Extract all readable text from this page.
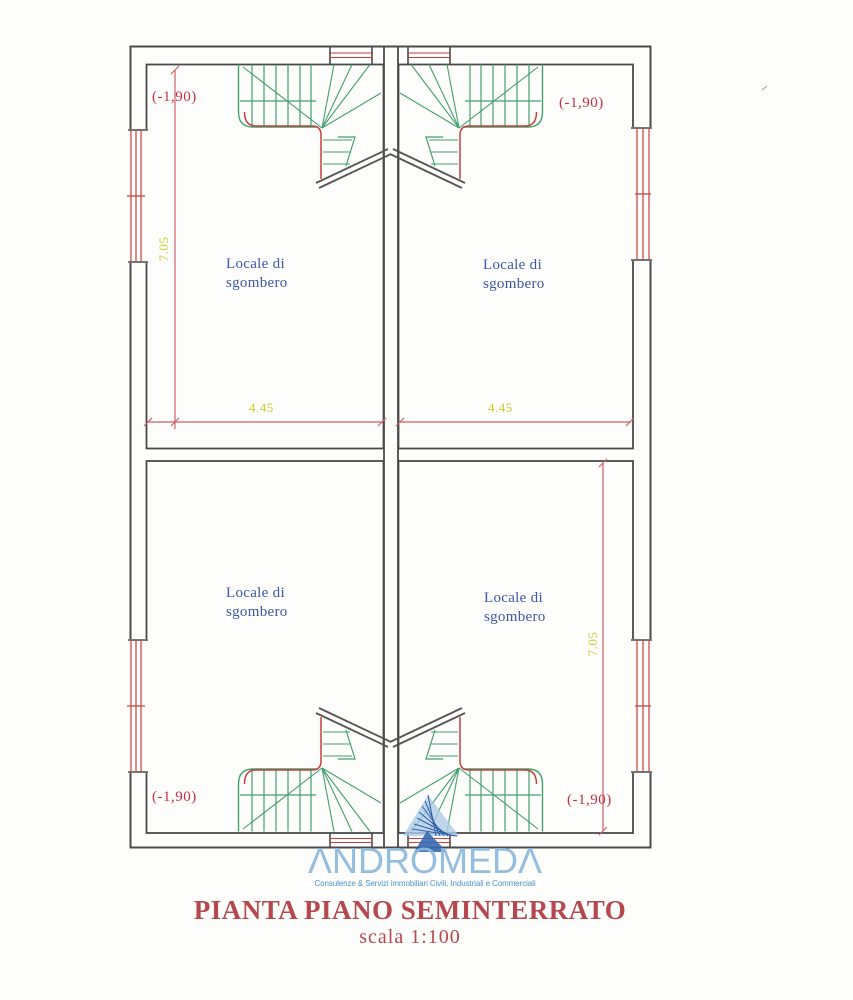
Locale di
sgombero
Locale di
sgombero
Locale di
sgombero
Locale di
sgombero
(-1,90)	(-1,90)
(-1,90)	(-1,90)
7.05
4.45	4.45
7.05
ΛNDROMEDΛ
Consulenze & Servizi immobiliari Civili, Industriali e Commerciali
PIANTA PIANO SEMINTERRATO
scala 1:100
